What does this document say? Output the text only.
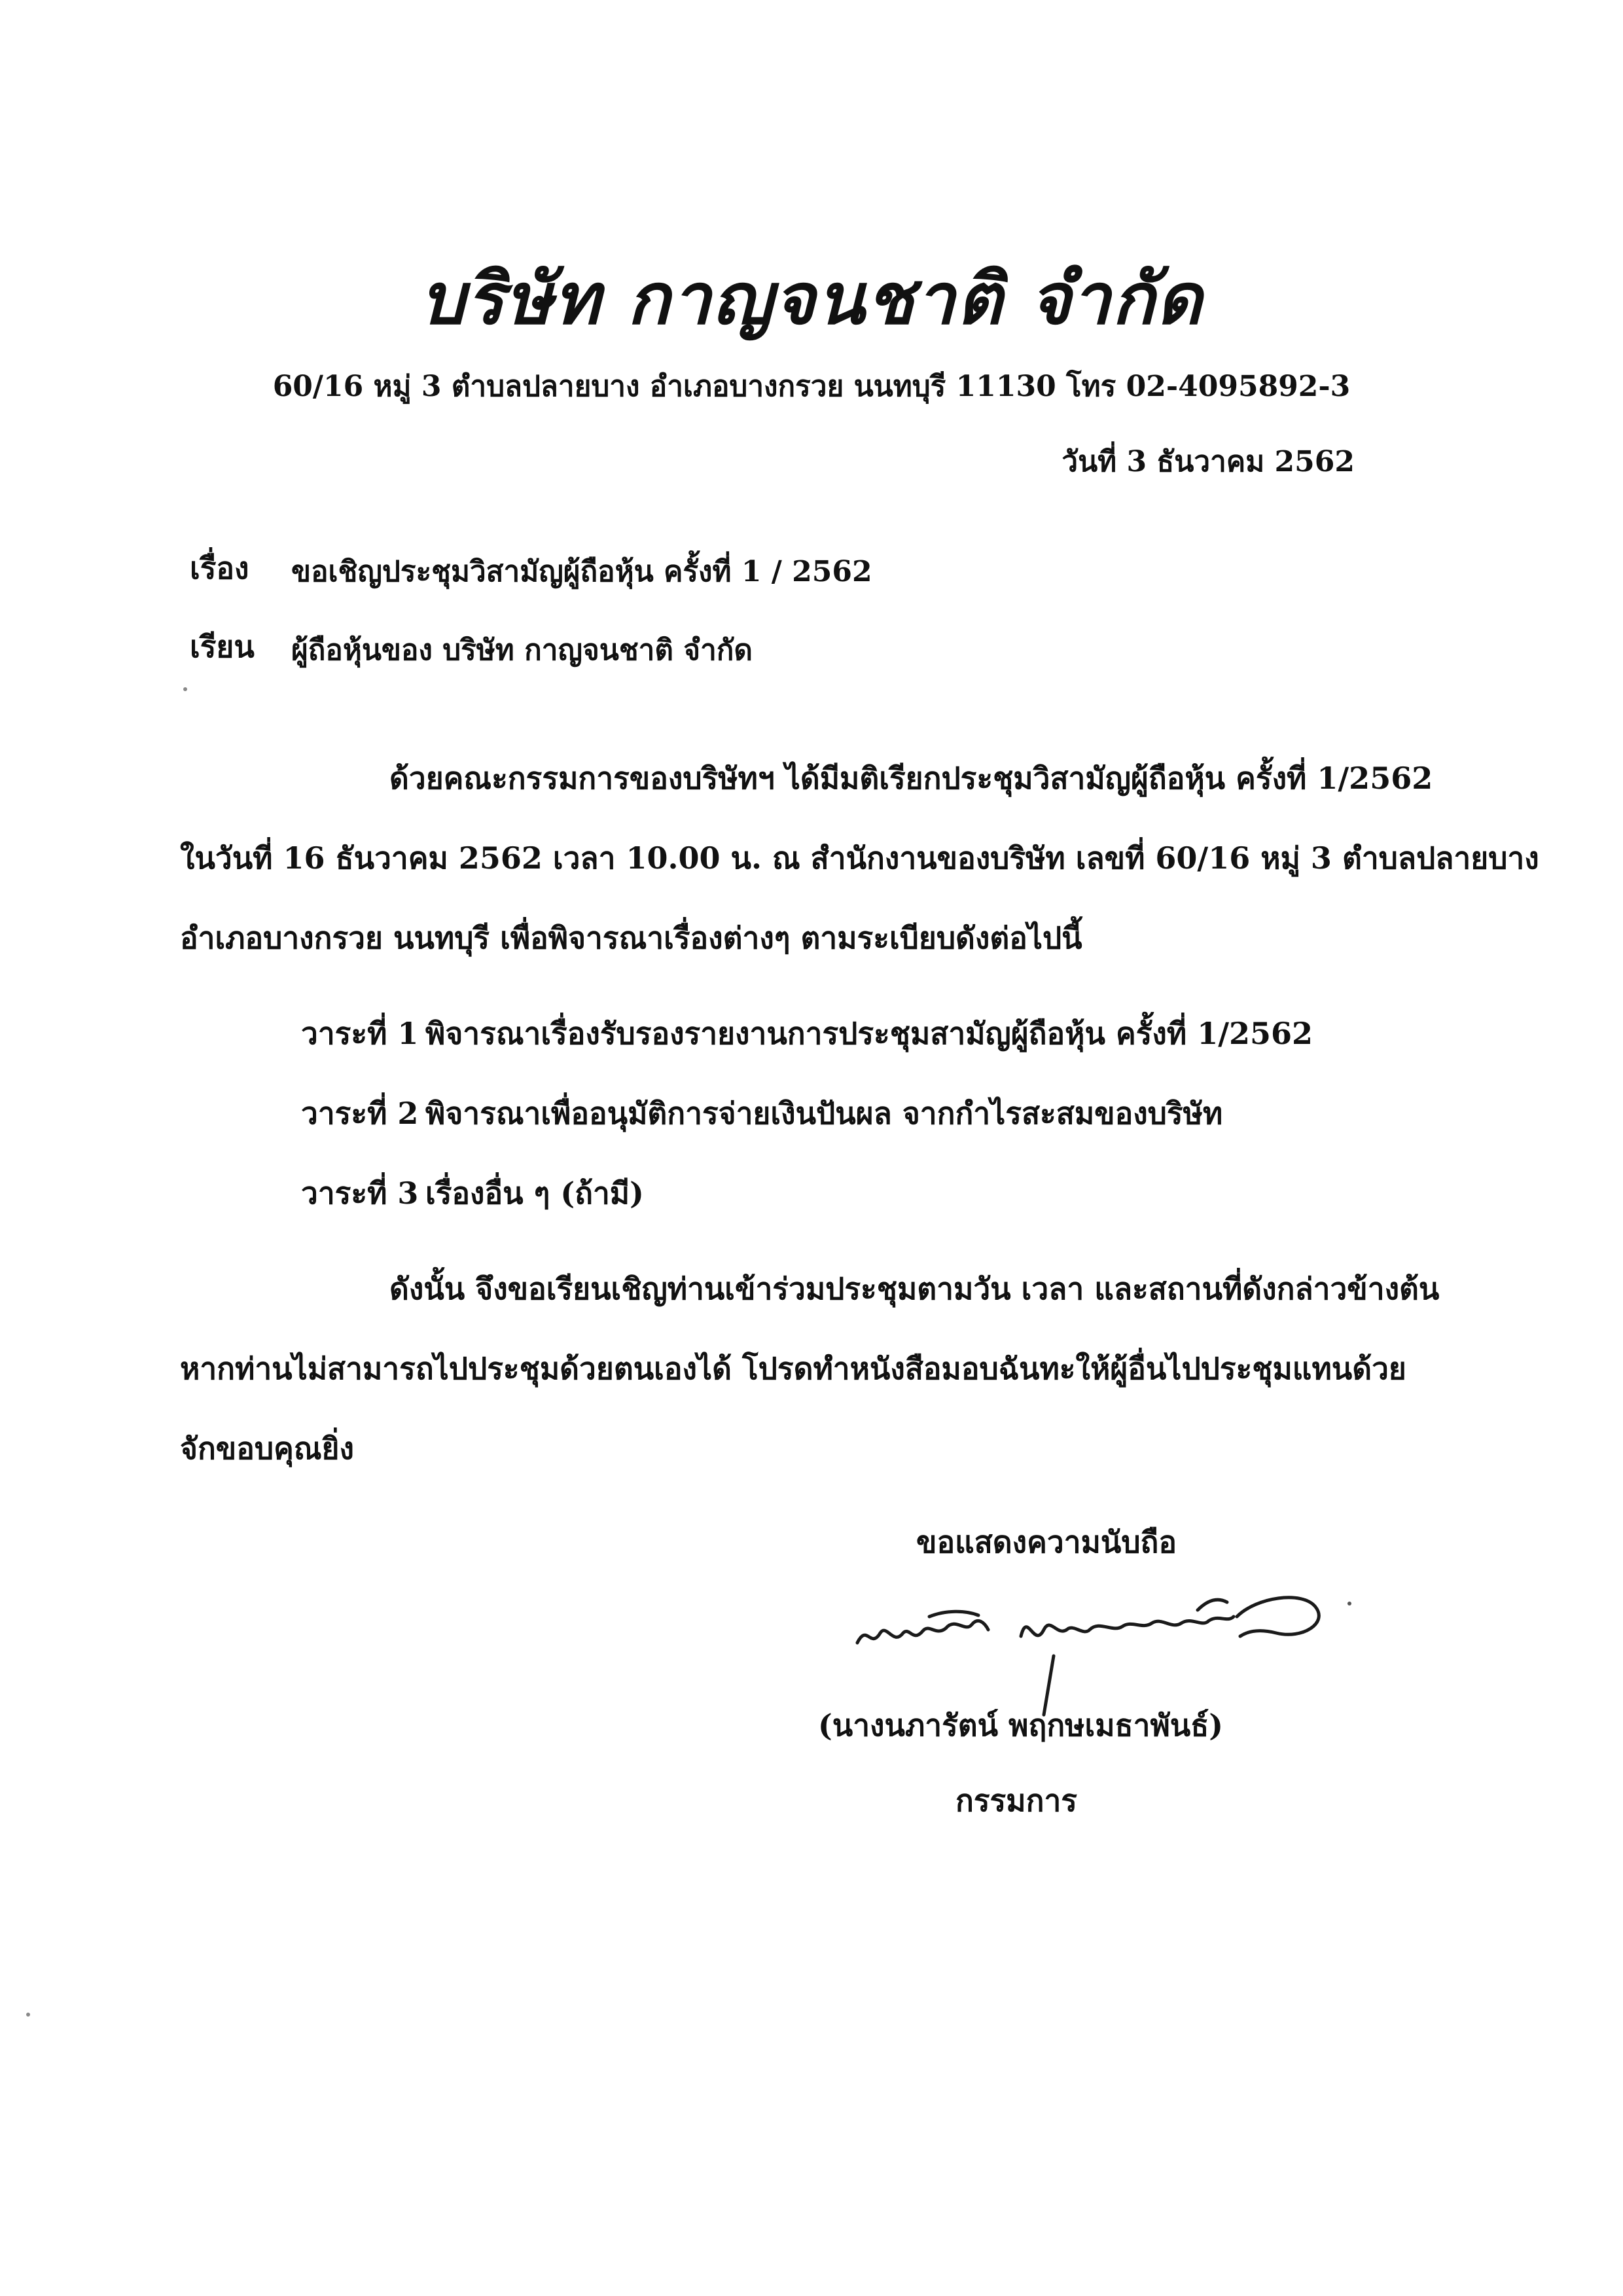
บริษัท กาญจนชาติ จำกัด
60/16 หมู่ 3 ตำบลปลายบาง อำเภอบางกรวย นนทบุรี 11130 โทร 02-4095892-3
วันที่ 3 ธันวาคม 2562
เรื่อง ขอเชิญประชุมวิสามัญผู้ถือหุ้น ครั้งที่ 1 / 2562
เรียน ผู้ถือหุ้นของ บริษัท กาญจนชาติ จำกัด
ด้วยคณะกรรมการของบริษัทฯ ได้มีมติเรียกประชุมวิสามัญผู้ถือหุ้น ครั้งที่ 1/2562
ในวันที่ 16 ธันวาคม 2562 เวลา 10.00 น. ณ สำนักงานของบริษัท เลขที่ 60/16 หมู่ 3 ตำบลปลายบาง
อำเภอบางกรวย นนทบุรี เพื่อพิจารณาเรื่องต่างๆ ตามระเบียบดังต่อไปนี้
วาระที่ 1 พิจารณาเรื่องรับรองรายงานการประชุมสามัญผู้ถือหุ้น ครั้งที่ 1/2562
วาระที่ 2 พิจารณาเพื่ออนุมัติการจ่ายเงินปันผล จากกำไรสะสมของบริษัท
วาระที่ 3 เรื่องอื่น ๆ (ถ้ามี)
ดังนั้น จึงขอเรียนเชิญท่านเข้าร่วมประชุมตามวัน เวลา และสถานที่ดังกล่าวข้างต้น
หากท่านไม่สามารถไปประชุมด้วยตนเองได้ โปรดทำหนังสือมอบฉันทะให้ผู้อื่นไปประชุมแทนด้วย
จักขอบคุณยิ่ง
ขอแสดงความนับถือ
(นางนภารัตน์ พฤกษเมธาพันธ์)
กรรมการ
